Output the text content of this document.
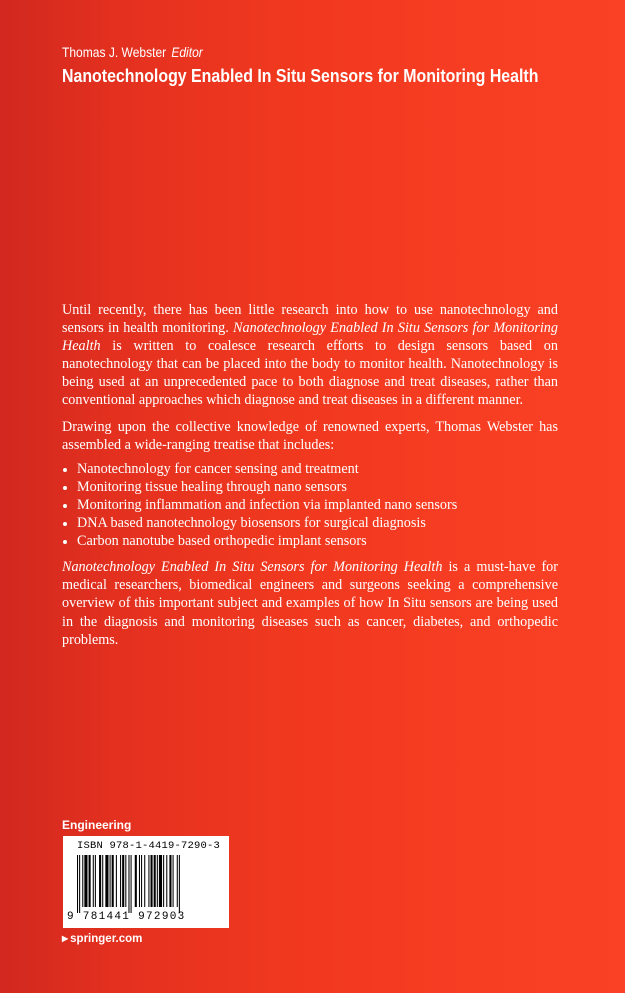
Thomas J. Webster Editor
Nanotechnology Enabled In Situ Sensors for Monitoring Health

Until recently, there has been little research into how to use nanotechnology and sensors in health monitoring. Nanotechnology Enabled In Situ Sensors for Monitoring Health is written to coalesce research efforts to design sensors based on nanotechnology that can be placed into the body to monitor health. Nanotechnology is being used at an unprecedented pace to both diagnose and treat diseases, rather than conventional approaches which diagnose and treat diseases in a different manner.

Drawing upon the collective knowledge of renowned experts, Thomas Webster has assembled a wide-ranging treatise that includes:

Nanotechnology for cancer sensing and treatment
Monitoring tissue healing through nano sensors
Monitoring inflammation and infection via implanted nano sensors
DNA based nanotechnology biosensors for surgical diagnosis
Carbon nanotube based orthopedic implant sensors

Nanotechnology Enabled In Situ Sensors for Monitoring Health is a must-have for medical researchers, biomedical engineers and surgeons seeking a comprehensive overview of this important subject and examples of how In Situ sensors are being used in the diagnosis and monitoring diseases such as cancer, diabetes, and orthopedic problems.

Engineering
ISBN 978-1-4419-7290-3
9 781441 972903
▶ springer.com
